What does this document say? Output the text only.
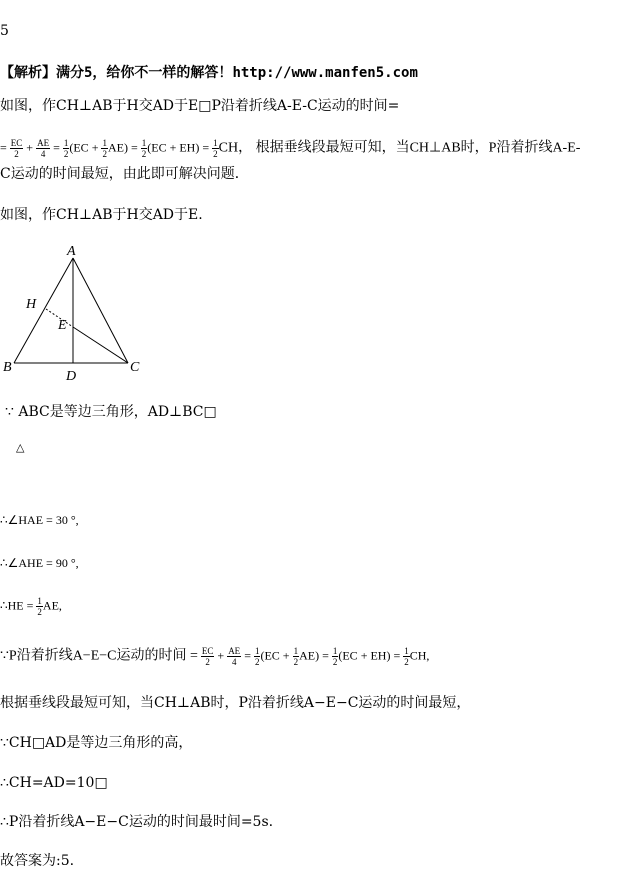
5
【解析】满分5，给你不一样的解答！http://www.manfen5.com
如图，作CH⊥AB于H交AD于E□P沿着折线A-E-C运动的时间=
= $\frac{EC}{2} + \frac{AE}{4} = \frac{1}{2} (EC + \frac{1}{2} AE) = \frac{1}{2} (EC + EH) = \frac{1}{2}$ CH， 根据垂线段最短可知，当CH⊥AB时，P沿着折线A-E-
C运动的时间最短，由此即可解决问题．
如图，作CH⊥AB于H交AD于E.
A
H
E
B	C
D
∵ ABC是等边三角形，AD⊥BC□
△
∴∠HAE = 30 °,
∴∠AHE = 90 °,
∴HE = $\frac{1}{2}$ AE,
∵P沿着折线A−E−C运动的时间 = $\frac{EC}{2} + \frac{AE}{4} = \frac{1}{2} (EC + \frac{1}{2} AE) = \frac{1}{2} (EC + EH) = \frac{1}{2}$ CH,
根据垂线段最短可知，当CH⊥AB时，P沿着折线A−E−C运动的时间最短，
∵CH□AD是等边三角形的高，
∴CH=AD=10□
∴P沿着折线A−E−C运动的时间最时间=5s.
故答案为:5.
